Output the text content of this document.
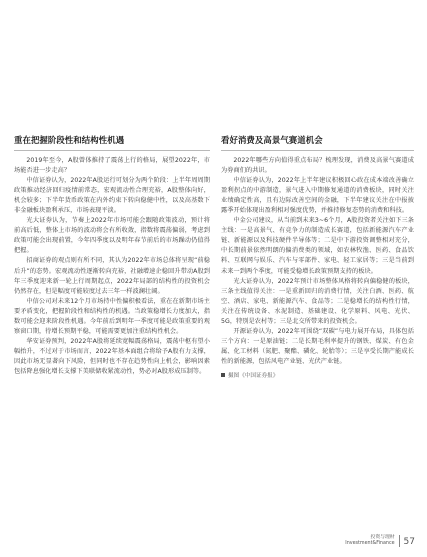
重在把握阶段性和结构性机遇

2019年至今，A股曾体推持了震荡上行的格局，展望2022年，市场能否进一步走高？

中信证券认为，2022年A股运行可划分为两个阶段：上半年周周期政策推动经济回归疫情前常态，宏观流动性合理充裕，A股整体向好，机会较多；下半年货币政策在内外约束下转向稳健中性，以及高基数下非金融板块盈利承压，市场表现平淡。

光大证券认为，节奏上2022年市场可能会跟随政策波动，预计将前高后低，整体上市场的波动将会有所收敛，指数将震荡偏弱，考虑到政策可能会出现前置，今年四季度以及明年春节前后的市场躁动仍值得把握。

招商证券的观点则有所不同，其认为2022年市场总体将呈现“前稳后升”的态势。宏观流动性逐渐转向充裕，社融增速企稳回升带动A股到年三季度迎来新一轮上行周期起点，2022年局部的结构性的投资机会仍然存在，但是幅度可能较度过去三年一样波澜壮阔。

中信公司对未来12个月市场持中性偏积极看法，重在在新期市场主要矛盾变化，把握阶段性和结构性的机遇。当政策稳增长力度加大，指数可能会迎来阶段性机遇。今年前后到明年一季度可能是政策重要的观察窗口期，待增长预期平稳，可能需要更加注重结构性机会。

华安证券预判，2022年A股将延续宽幅震荡格局，震荡中枢有望小幅抬升，不过对于市场而言，2022年基本面组合将给予A股有力支撑，因此市场无显著向下风险，但同时也不存在趋势性向上机会，影响因素包括降息强化增长支撑下美联储收紧流动性，势必对A股形成压制等。

看好消费及高景气赛道机会

2022年哪些方向值得重点布局？梳理发现，消费及高景气赛道成为券商们的共识。

中信证券认为，2022年上半年建议积极回心政在成本端改善确立盈利拐点的中游制造，景气进入中期修复通道的消费板块，同时关注业绩确定性高，且有边际改善空间的金融，下半年建议关注在中报披露季开始体现出盈利相对强度优势，并推持修复态势的消费和科技。

中金公司建议，从当前到未来3~6个月，A股投资者关注如下三条主线：一是高景气、有竞争力的制造成长赛道，包括新能源汽车产业链、新能源以及科技硬件半导体等；二是中下游投资调整相对充分，中长期前景依然明朗的偏消费类的领域，如农林牧渔、医药、食品饮料、互联网与娱乐、汽车与零部件、家电、轻工家居等；三是当前到未来一到两个季度，可能受稳增长政策预期支持的板块。

光大证券认为，2022年预计市场整体风格将转向偏稳健的板块，三条主线值得关注：一是重新回归的消费行情，关注白酒、医药、航空、酒店、家电、新能源汽车、食品等；二是稳增长的结构性行情，关注在传统设备、水泥制造、基础建设、化学原料、风电、光伏、5G，特别是农村等；三是北交所带来的投资机会。

开源证券认为，2022年可围绕“双碳”与电力展开布局，具体包括三个方向：一是原油链；二是长期毛利率提升的钢铁、煤炭、有色金属、化工材料（氮肥、聚酯、磷化、轮胎等）；三是享受长期产能成长性的新能源，包括风电产业链、光伏产业链。

摄图《中国证券报》
投资与理财
Investment&Finance 57
